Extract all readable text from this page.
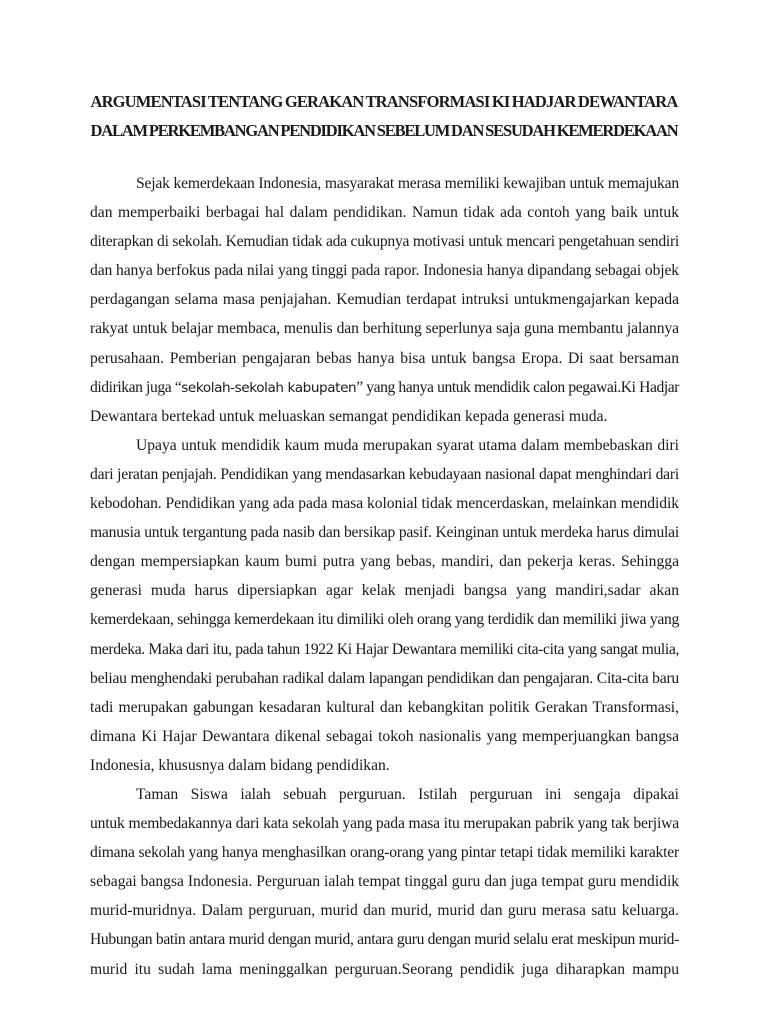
ARGUMENTASI TENTANG GERAKAN TRANSFORMASI KI HADJAR DEWANTARA
DALAM PERKEMBANGAN PENDIDIKAN SEBELUM DAN SESUDAH KEMERDEKAAN
Sejak kemerdekaan Indonesia, masyarakat merasa memiliki kewajiban untuk memajukan
dan memperbaiki berbagai hal dalam pendidikan. Namun tidak ada contoh yang baik untuk
diterapkan di sekolah. Kemudian tidak ada cukupnya motivasi untuk mencari pengetahuan sendiri
dan hanya berfokus pada nilai yang tinggi pada rapor. Indonesia hanya dipandang sebagai objek
perdagangan selama masa penjajahan. Kemudian terdapat intruksi untukmengajarkan kepada
rakyat untuk belajar membaca, menulis dan berhitung seperlunya saja guna membantu jalannya
perusahaan. Pemberian pengajaran bebas hanya bisa untuk bangsa Eropa. Di saat bersaman
didirikan juga “sekolah-sekolah kabupaten” yang hanya untuk mendidik calon pegawai.Ki Hadjar
Dewantara bertekad untuk meluaskan semangat pendidikan kepada generasi muda.
Upaya untuk mendidik kaum muda merupakan syarat utama dalam membebaskan diri
dari jeratan penjajah. Pendidikan yang mendasarkan kebudayaan nasional dapat menghindari dari
kebodohan. Pendidikan yang ada pada masa kolonial tidak mencerdaskan, melainkan mendidik
manusia untuk tergantung pada nasib dan bersikap pasif. Keinginan untuk merdeka harus dimulai
dengan mempersiapkan kaum bumi putra yang bebas, mandiri, dan pekerja keras. Sehingga
generasi muda harus dipersiapkan agar kelak menjadi bangsa yang mandiri,sadar akan
kemerdekaan, sehingga kemerdekaan itu dimiliki oleh orang yang terdidik dan memiliki jiwa yang
merdeka. Maka dari itu, pada tahun 1922 Ki Hajar Dewantara memiliki cita-cita yang sangat mulia,
beliau menghendaki perubahan radikal dalam lapangan pendidikan dan pengajaran. Cita-cita baru
tadi merupakan gabungan kesadaran kultural dan kebangkitan politik Gerakan Transformasi,
dimana Ki Hajar Dewantara dikenal sebagai tokoh nasionalis yang memperjuangkan bangsa
Indonesia, khususnya dalam bidang pendidikan.
Taman Siswa ialah sebuah perguruan. Istilah perguruan ini sengaja dipakai
untuk membedakannya dari kata sekolah yang pada masa itu merupakan pabrik yang tak berjiwa
dimana sekolah yang hanya menghasilkan orang-orang yang pintar tetapi tidak memiliki karakter
sebagai bangsa Indonesia. Perguruan ialah tempat tinggal guru dan juga tempat guru mendidik
murid-muridnya. Dalam perguruan, murid dan murid, murid dan guru merasa satu keluarga.
Hubungan batin antara murid dengan murid, antara guru dengan murid selalu erat meskipun murid-
murid itu sudah lama meninggalkan perguruan.Seorang pendidik juga diharapkan mampu
